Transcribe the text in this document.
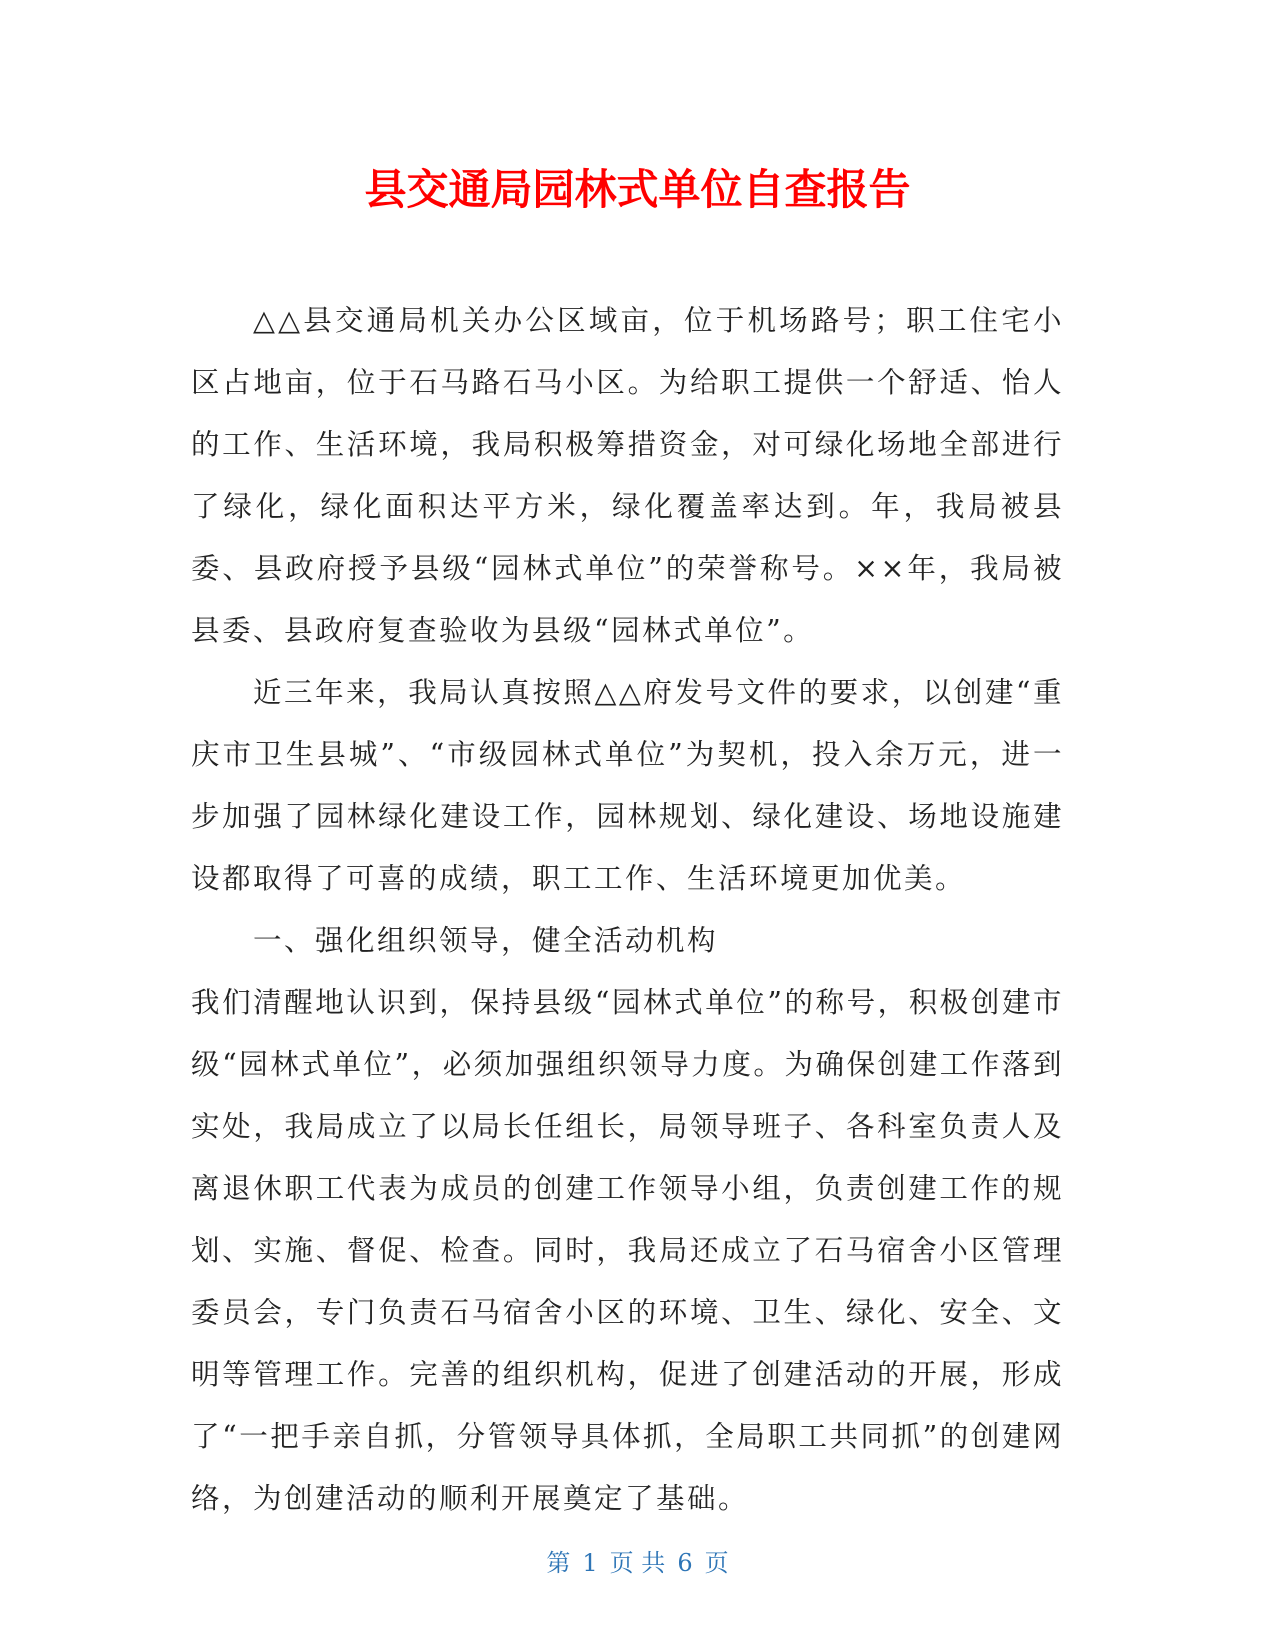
县交通局园林式单位自查报告

△△县交通局机关办公区域亩，位于机场路号；职工住宅小区占地亩，位于石马路石马小区。为给职工提供一个舒适、怡人的工作、生活环境，我局积极筹措资金，对可绿化场地全部进行了绿化，绿化面积达平方米，绿化覆盖率达到。年，我局被县委、县政府授予县级“园林式单位”的荣誉称号。××年，我局被县委、县政府复查验收为县级“园林式单位”。

近三年来，我局认真按照△△府发号文件的要求，以创建“重庆市卫生县城”、“市级园林式单位”为契机，投入余万元，进一步加强了园林绿化建设工作，园林规划、绿化建设、场地设施建设都取得了可喜的成绩，职工工作、生活环境更加优美。

一、强化组织领导，健全活动机构

我们清醒地认识到，保持县级“园林式单位”的称号，积极创建市级“园林式单位”，必须加强组织领导力度。为确保创建工作落到实处，我局成立了以局长任组长，局领导班子、各科室负责人及离退休职工代表为成员的创建工作领导小组，负责创建工作的规划、实施、督促、检查。同时，我局还成立了石马宿舍小区管理委员会，专门负责石马宿舍小区的环境、卫生、绿化、安全、文明等管理工作。完善的组织机构，促进了创建活动的开展，形成了“一把手亲自抓，分管领导具体抓，全局职工共同抓”的创建网络，为创建活动的顺利开展奠定了基础。

第 1 页 共 6 页
